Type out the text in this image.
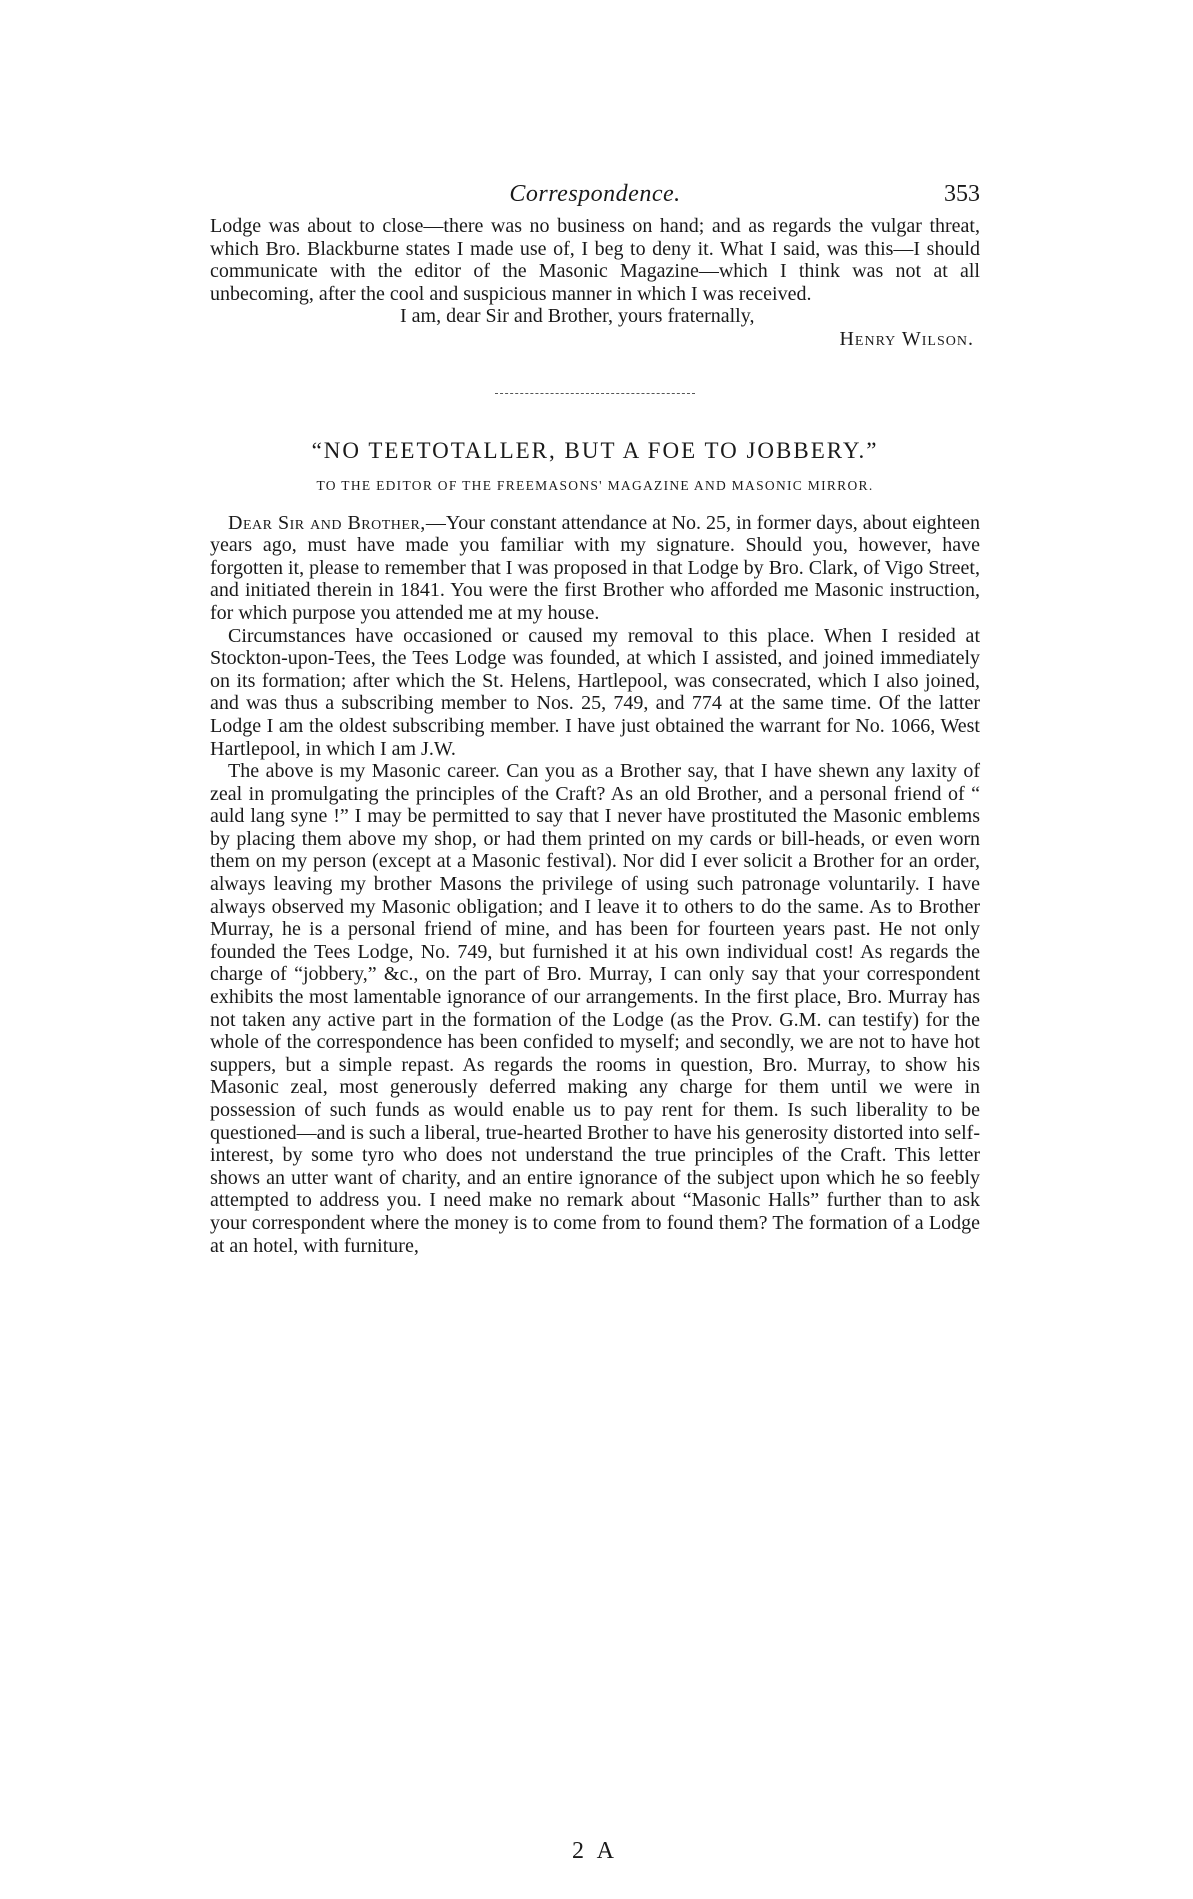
Correspondence.	353

Lodge was about to close—there was no business on hand; and as regards the vulgar threat, which Bro. Blackburne states I made use of, I beg to deny it. What I said, was this—I should communicate with the editor of the Masonic Magazine—which I think was not at all unbecoming, after the cool and suspicious manner in which I was received.

I am, dear Sir and Brother, yours fraternally,
Henry Wilson.
“NO TEETOTALLER, BUT A FOE TO JOBBERY.”
TO THE EDITOR OF THE FREEMASONS' MAGAZINE AND MASONIC MIRROR.

Dear Sir and Brother,—Your constant attendance at No. 25, in former days, about eighteen years ago, must have made you familiar with my signature. Should you, however, have forgotten it, please to remember that I was proposed in that Lodge by Bro. Clark, of Vigo Street, and initiated therein in 1841. You were the first Brother who afforded me Masonic instruction, for which purpose you attended me at my house.

Circumstances have occasioned or caused my removal to this place. When I resided at Stockton-upon-Tees, the Tees Lodge was founded, at which I assisted, and joined immediately on its formation; after which the St. Helens, Hartlepool, was consecrated, which I also joined, and was thus a subscribing member to Nos. 25, 749, and 774 at the same time. Of the latter Lodge I am the oldest subscribing member. I have just obtained the warrant for No. 1066, West Hartlepool, in which I am J.W.

The above is my Masonic career. Can you as a Brother say, that I have shewn any laxity of zeal in promulgating the principles of the Craft? As an old Brother, and a personal friend of “ auld lang syne !” I may be permitted to say that I never have prostituted the Masonic emblems by placing them above my shop, or had them printed on my cards or bill-heads, or even worn them on my person (except at a Masonic festival). Nor did I ever solicit a Brother for an order, always leaving my brother Masons the privilege of using such patronage voluntarily. I have always observed my Masonic obligation; and I leave it to others to do the same. As to Brother Murray, he is a personal friend of mine, and has been for fourteen years past. He not only founded the Tees Lodge, No. 749, but furnished it at his own individual cost! As regards the charge of “jobbery,” &c., on the part of Bro. Murray, I can only say that your correspondent exhibits the most lamentable ignorance of our arrangements. In the first place, Bro. Murray has not taken any active part in the formation of the Lodge (as the Prov. G.M. can testify) for the whole of the correspondence has been confided to myself; and secondly, we are not to have hot suppers, but a simple repast. As regards the rooms in question, Bro. Murray, to show his Masonic zeal, most generously deferred making any charge for them until we were in possession of such funds as would enable us to pay rent for them. Is such liberality to be questioned—and is such a liberal, true-hearted Brother to have his generosity distorted into self-interest, by some tyro who does not understand the true principles of the Craft. This letter shows an utter want of charity, and an entire ignorance of the subject upon which he so feebly attempted to address you. I need make no remark about “Masonic Halls” further than to ask your correspondent where the money is to come from to found them? The formation of a Lodge at an hotel, with furniture,

2 A
